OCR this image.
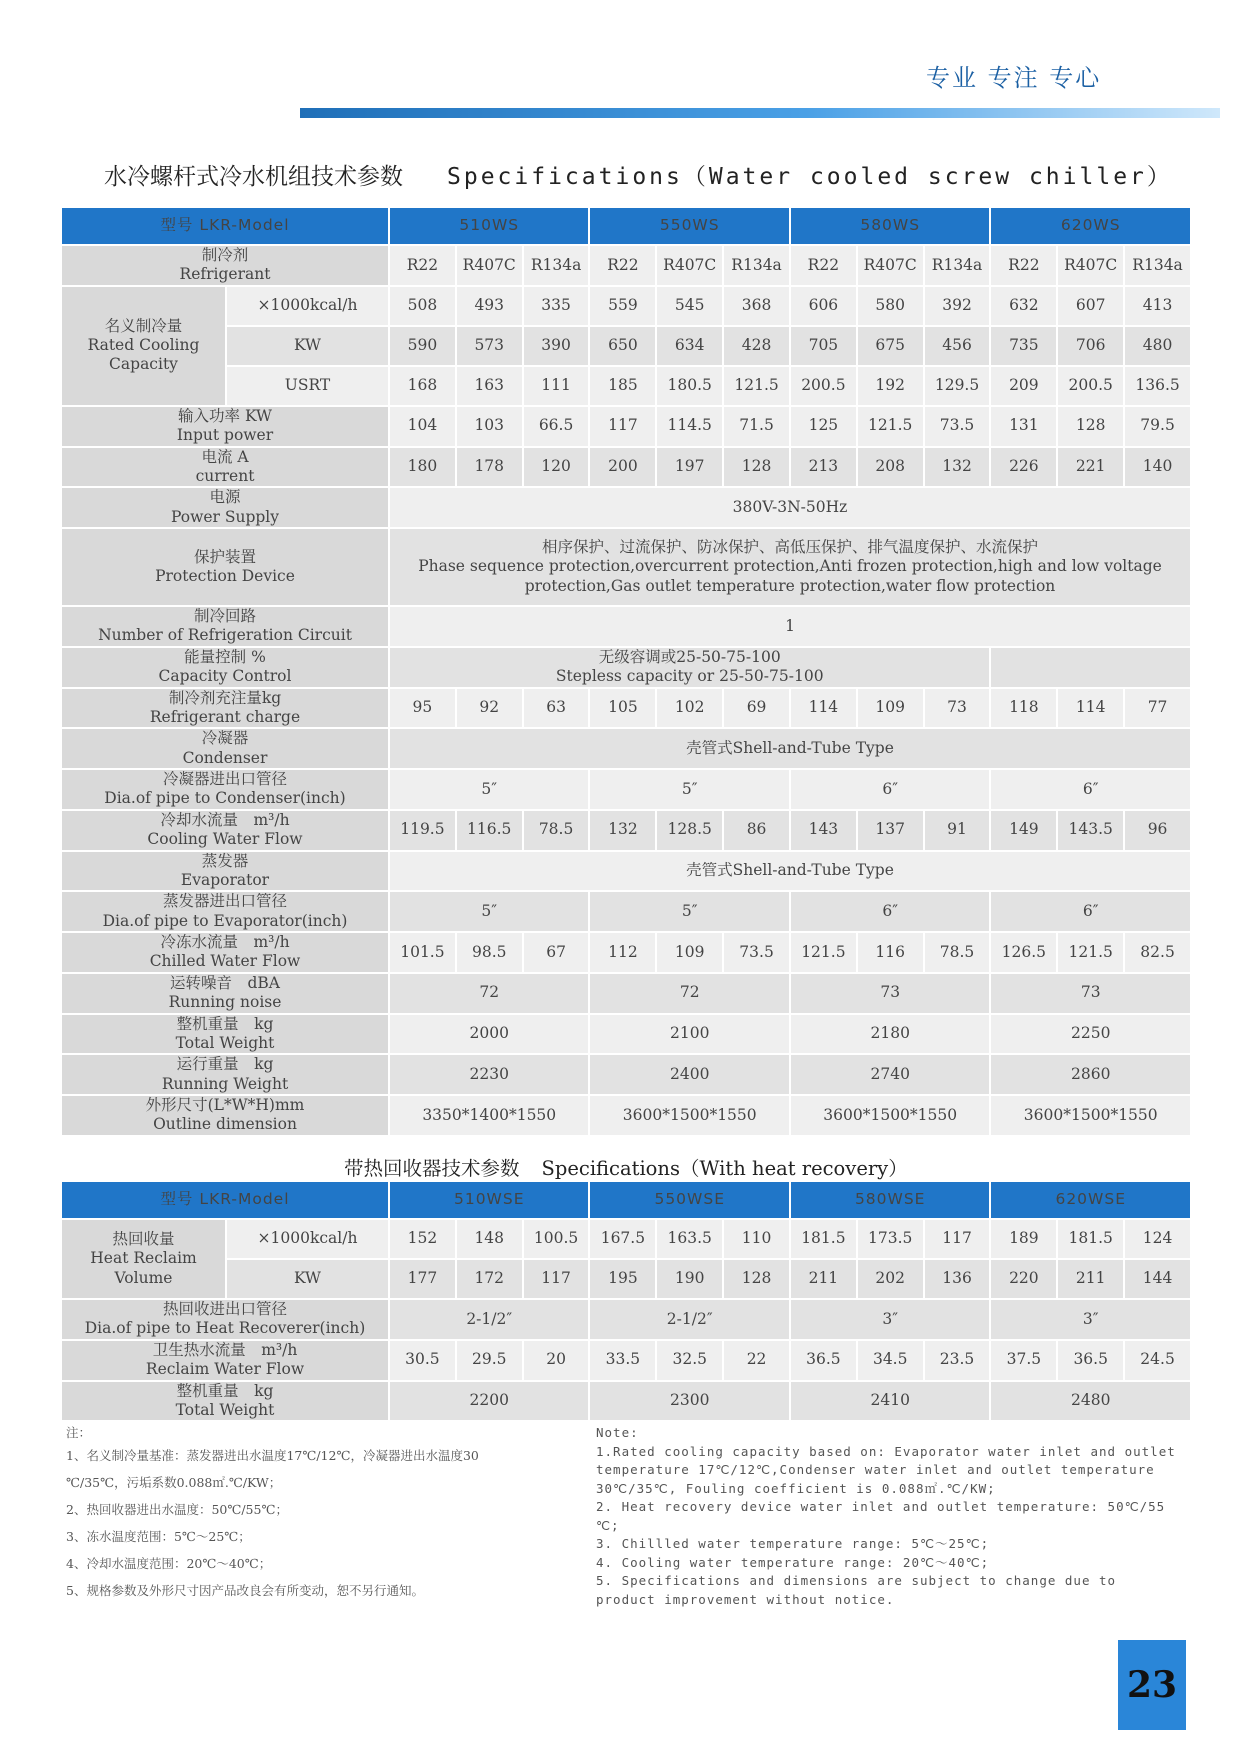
专业 专注 专心
水冷螺杆式冷水机组技术参数 Specifications（Water cooled screw chiller）
型号 LKR-Model		510WS			550WS			580WS			620WS		

制冷剂
Refrigerant		R22	R407C	R134a	R22	R407C	R134a	R22	R407C	R134a	R22	R407C	R134a

名义制冷量
Rated Cooling
Capacity	×1000kcal/h	508	493	335	559	545	368	606	580	392	632	607	413
	KW	590	573	390	650	634	428	705	675	456	735	706	480
	USRT	168	163	111	185	180.5	121.5	200.5	192	129.5	209	200.5	136.5

输入功率 KW
Input power		104	103	66.5	117	114.5	71.5	125	121.5	73.5	131	128	79.5

电流 A
current		180	178	120	200	197	128	213	208	132	226	221	140

电源
Power Supply		380V-3N-50Hz											

保护装置
Protection Device		相序保护、过流保护、防冰保护、高低压保护、排气温度保护、水流保护
Phase sequence protection,overcurrent protection,Anti frozen protection,high and low voltage
protection,Gas outlet temperature protection,water flow protection											

制冷回路
Number of Refrigeration Circuit		1											

能量控制 %
Capacity Control		无级容调或25-50-75-100
Stepless capacity or 25-50-75-100											

制冷剂充注量kg
Refrigerant charge		95	92	63	105	102	69	114	109	73	118	114	77

冷凝器
Condenser		壳管式Shell-and-Tube Type											

冷凝器进出口管径
Dia.of pipe to Condenser(inch)		5″			5″			6″			6″		

冷却水流量　m³/h
Cooling Water Flow		119.5	116.5	78.5	132	128.5	86	143	137	91	149	143.5	96

蒸发器
Evaporator		壳管式Shell-and-Tube Type											

蒸发器进出口管径
Dia.of pipe to Evaporator(inch)		5″			5″			6″			6″		

冷冻水流量　m³/h
Chilled Water Flow		101.5	98.5	67	112	109	73.5	121.5	116	78.5	126.5	121.5	82.5

运转噪音　dBA
Running noise		72			72			73			73		

整机重量　kg
Total Weight		2000			2100			2180			2250		

运行重量　kg
Running Weight		2230			2400			2740			2860		

外形尺寸(L*W*H)mm
Outline dimension		3350*1400*1550			3600*1500*1550			3600*1500*1550			3600*1500*1550		
带热回收器技术参数 Specifications（With heat recovery）
型号 LKR-Model		510WSE			550WSE			580WSE			620WSE		

热回收量
Heat Reclaim
Volume	×1000kcal/h	152	148	100.5	167.5	163.5	110	181.5	173.5	117	189	181.5	124
	KW	177	172	117	195	190	128	211	202	136	220	211	144

热回收进出口管径
Dia.of pipe to Heat Recoverer(inch)		2-1/2″			2-1/2″			3″			3″		

卫生热水流量　m³/h
Reclaim Water Flow		30.5	29.5	20	33.5	32.5	22	36.5	34.5	23.5	37.5	36.5	24.5

整机重量　kg
Total Weight		2200			2300			2410			2480		

注：

1、名义制冷量基准：蒸发器进出水温度17℃/12℃，冷凝器进出水温度30

℃/35℃，污垢系数0.088㎡.℃/KW；

2、热回收器进出水温度：50℃/55℃；

3、冻水温度范围：5℃～25℃；

4、冷却水温度范围：20℃～40℃；

5、规格参数及外形尺寸因产品改良会有所变动，恕不另行通知。

Note:

1.Rated cooling capacity based on: Evaporator water inlet and outlet

temperature 17℃/12℃,Condenser water inlet and outlet temperature

30℃/35℃, Fouling coefficient is 0.088㎡.℃/KW;

2. Heat recovery device water inlet and outlet temperature: 50℃/55

℃;

3. Chillled water temperature range: 5℃～25℃;

4. Cooling water temperature range: 20℃～40℃;

5. Specifications and dimensions are subject to change due to

product improvement without notice.

23
